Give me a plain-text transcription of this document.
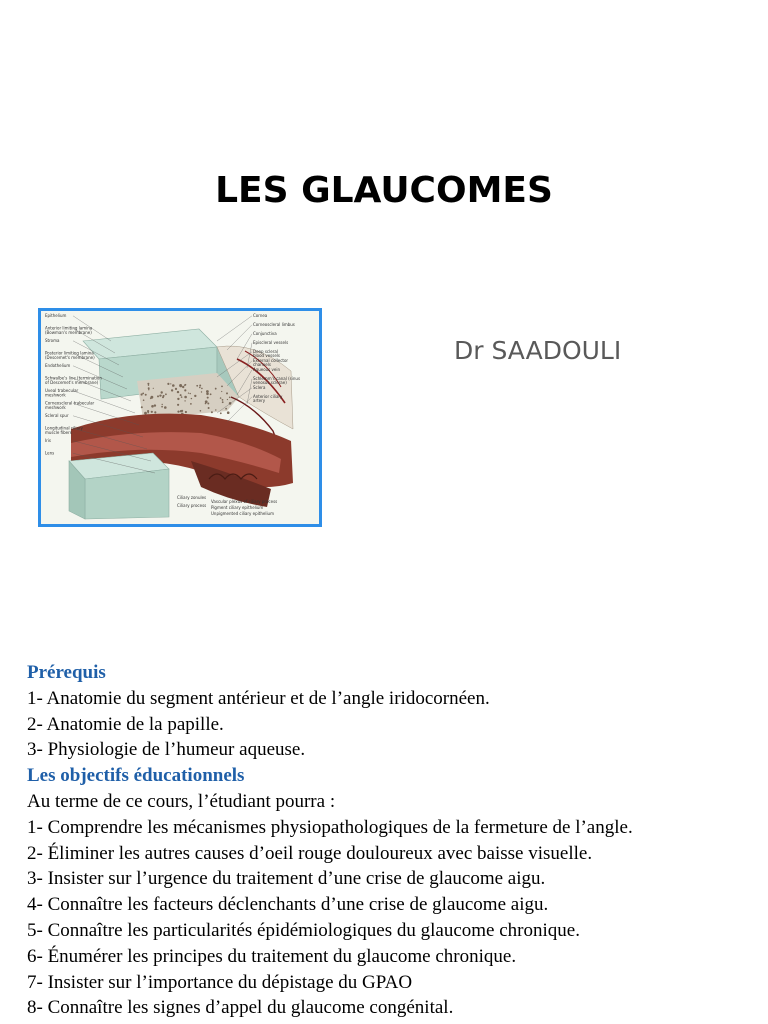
LES GLAUCOMES
Epithelium
Anterior limiting lamina (Bowman's membrane)
Stroma
Posterior limiting lamina (Descemet's membrane)
Endothelium
Schwalbe's line (termination of Descemet's membrane)
Uveal trabecular meshwork
Corneoscleral trabecular meshwork
Scleral spur
Longitudinal ciliary muscle fibers
Iris
Lens
Cornea
Corneoscleral limbus
Conjunctiva
Episcleral vessels
Deep scleral blood vessels
External collector channels
Aqueous vein
Schlemm's canal (sinus venosus sclerae)
Sclera
Anterior ciliary artery
Ciliary zonules
Ciliary process
Vascular plexus of ciliary process
Pigment ciliary epithelium
Unpigmented ciliary epithelium
Dr SAADOULI
Prérequis
1- Anatomie du segment antérieur et de l’angle iridocornéen.
2- Anatomie de la papille.
3- Physiologie de l’humeur aqueuse.
Les objectifs éducationnels
Au terme de ce cours, l’étudiant pourra :
1- Comprendre les mécanismes physiopathologiques de la fermeture de l’angle.
2- Éliminer les autres causes d’oeil rouge douloureux avec baisse visuelle.
3- Insister sur l’urgence du traitement d’une crise de glaucome aigu.
4- Connaître les facteurs déclenchants d’une crise de glaucome aigu.
5- Connaître les particularités épidémiologiques du glaucome chronique.
6- Énumérer les principes du traitement du glaucome chronique.
7- Insister sur l’importance du dépistage du GPAO
8- Connaître les signes d’appel du glaucome congénital.
